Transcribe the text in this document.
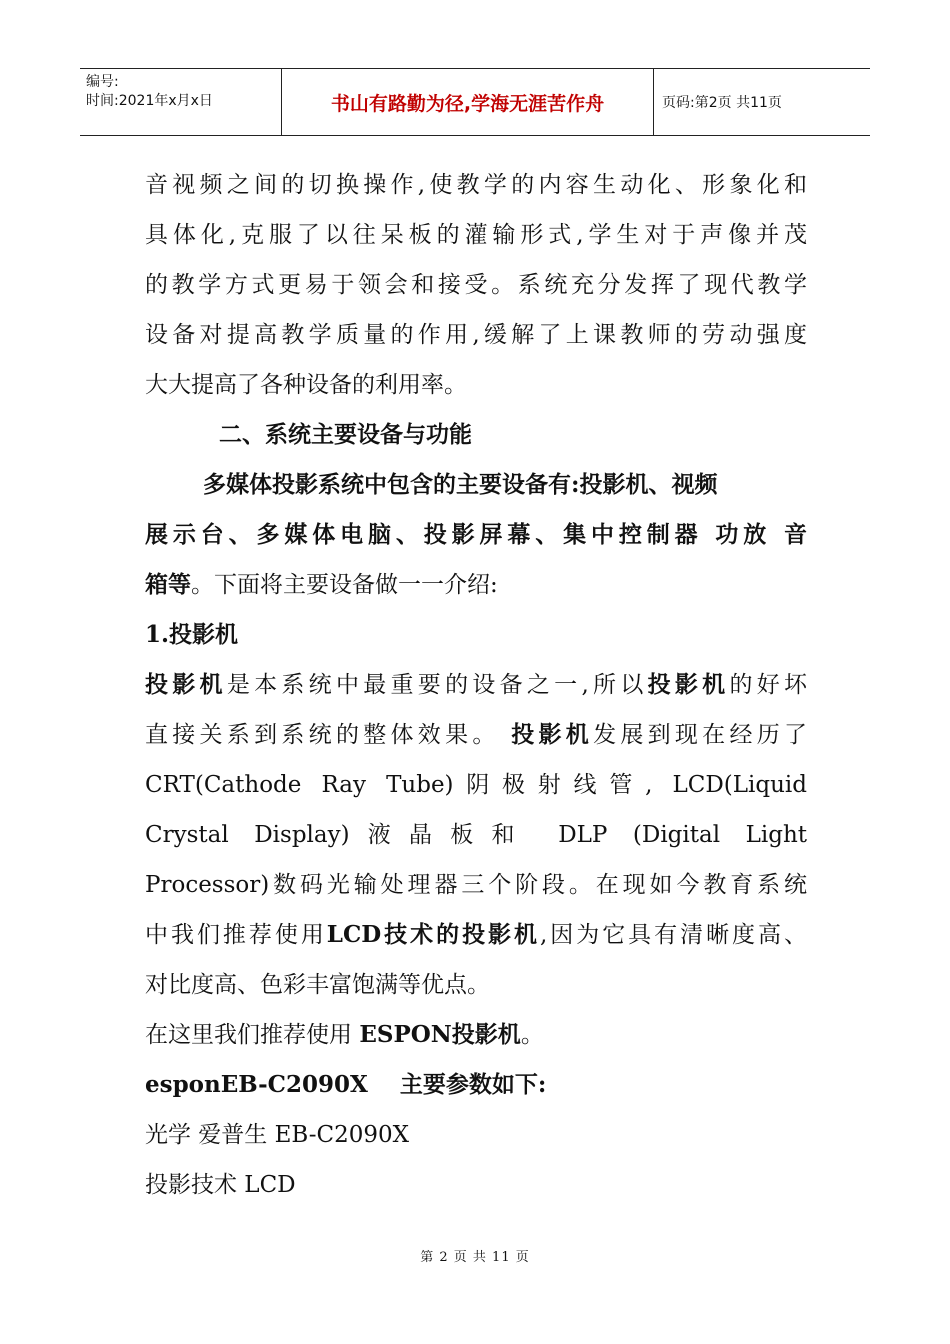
编号:
时间:2021年x月x日	书山有路勤为径,学海无涯苦作舟	页码:第2页 共11页
音视频之间的切换操作,使教学的内容生动化、形象化和
具体化,克服了以往呆板的灌输形式,学生对于声像并茂
的教学方式更易于领会和接受。系统充分发挥了现代教学
设备对提高教学质量的作用,缓解了上课教师的劳动强度
大大提高了各种设备的利用率。
二、系统主要设备与功能
多媒体投影系统中包含的主要设备有:投影机、视频
展示台、多媒体电脑、投影屏幕、集中控制器 功放 音
箱等。下面将主要设备做一一介绍:
1.投影机
投影机是本系统中最重要的设备之一,所以投影机的好坏
直接关系到系统的整体效果。 投影机发展到现在经历了
CRT(Cathode Ray Tube)阴极射线管, LCD(Liquid
Crystal Display)液晶板和 DLP (Digital Light
Processor)数码光输处理器三个阶段。在现如今教育系统
中我们推荐使用LCD技术的投影机,因为它具有清晰度高、
对比度高、色彩丰富饱满等优点。
在这里我们推荐使用 ESPON投影机。
esponEB-C2090X    主要参数如下:
光学 爱普生 EB-C2090X
投影技术 LCD
第 2 页 共 11 页
